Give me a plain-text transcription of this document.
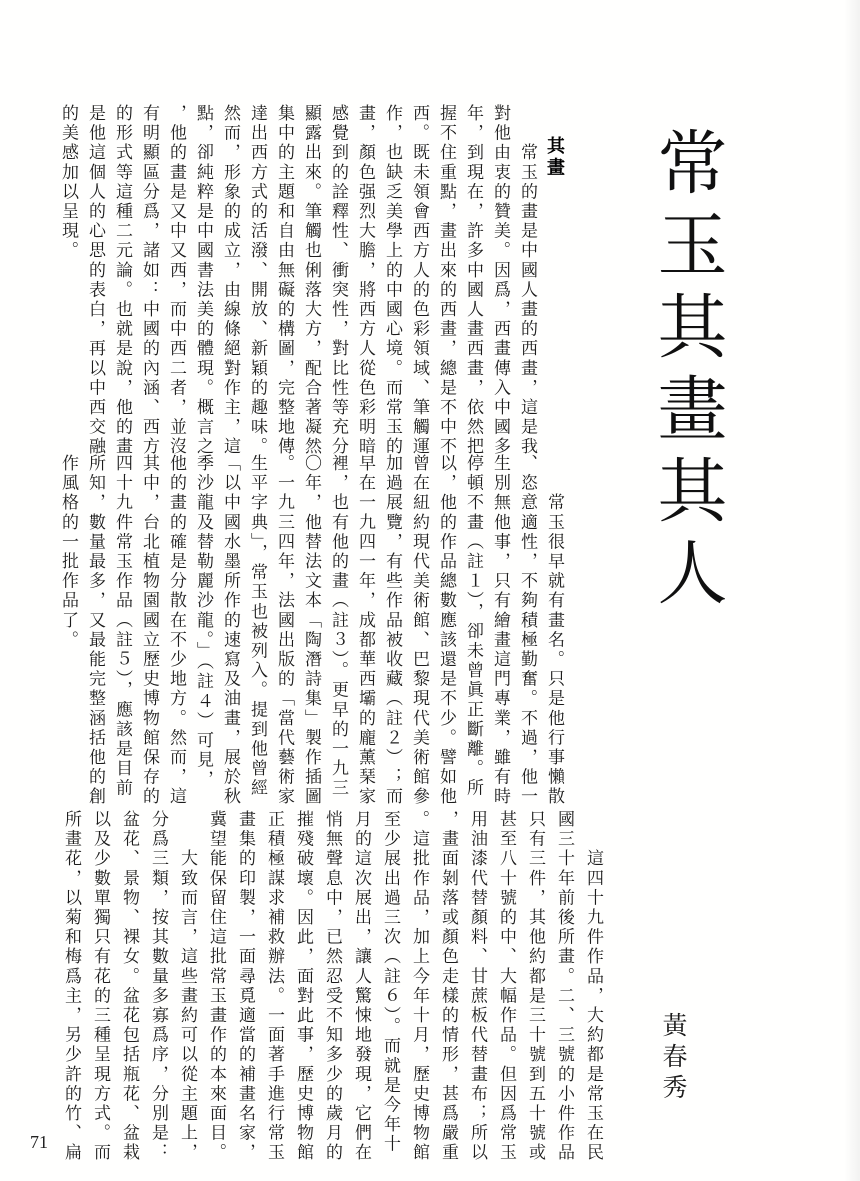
常玉其畫其人
其畫
　　常玉的畫是中國人畫的西畫，這是我
對他由衷的贊美。因爲，西畫傳入中國多
年，到現在，許多中國人畫西畫，依然把
握不住重點，畫出來的西畫，總是不中不
西。既未領會西方人的色彩領域、筆觸運
作，也缺乏美學上的中國心境。而常玉的
畫，顏色强烈大膽，將西方人從色彩明暗
感覺到的詮釋性、衝突性，對比性等充分
顯露出來。筆觸也俐落大方，配合著凝然
集中的主題和自由無礙的構圖，完整地傳
達出西方式的活潑、開放、新穎的趣味。
然而，形象的成立，由線條絕對作主，這
點，卻純粹是中國書法美的體現。概言之
，他的畫是又中又西，而中西二者，並沒
有明顯區分爲，諸如：中國的內涵、西方
的形式等這種二元論。也就是說，他的畫
是他這個人的心思的表白，再以中西交融
的美感加以呈現。
　　常玉很早就有畫名。只是他行事懶散
、恣意適性，不夠積極勤奮。不過，他一
生別無他事，只有繪畫這門專業，雖有時
停頓不畫（註１），卻未曾眞正斷離。所
以，他的作品總數應該還是不少。譬如他
曾在紐約現代美術館、巴黎現代美術館參
加過展覽，有些作品被收藏（註２）；而
早在一九四一年，成都華西壩的龐薰琹家
裡，也有他的畫（註３）。更早的一九三
〇年，他替法文本「陶潛詩集」製作插圖
。一九三四年，法國出版的「當代藝術家
生平字典」，常玉也被列入。提到他曾經
「以中國水墨所作的速寫及油畫，展於秋
季沙龍及替勒麗沙龍。」（註４）可見，
他的畫的確是分散在不少地方。然而，這
其中，台北植物園國立歷史博物館保存的
四十九件常玉作品（註５），應該是目前
所知，數量最多，又最能完整涵括他的創
作風格的一批作品了。
　　這四十九件作品，大約都是常玉在民
國三十年前後所畫。二、三號的小件作品
只有三件，其他約都是三十號到五十號或
甚至八十號的中、大幅作品。但因爲常玉
用油漆代替顏料、甘蔗板代替畫布；所以
，畫面剝落或顏色走樣的情形，甚爲嚴重
。這批作品，加上今年十月，歷史博物館
至少展出過三次（註６）。而就是今年十
月的這次展出，讓人驚悚地發現，它們在
悄無聲息中，已然忍受不知多少的歲月的
摧殘破壞。因此，面對此事，歷史博物館
正積極謀求補救辦法。一面著手進行常玉
畫集的印製，一面尋覓適當的補畫名家，
冀望能保留住這批常玉畫作的本來面目。
　　大致而言，這些畫約可以從主題上，
分爲三類，按其數量多寡爲序，分別是：
盆花、景物、裸女。盆花包括瓶花、盆栽
以及少數單獨只有花的三種呈現方式。而
所畫花，以菊和梅爲主，另少許的竹、扁	黃春秀
71
